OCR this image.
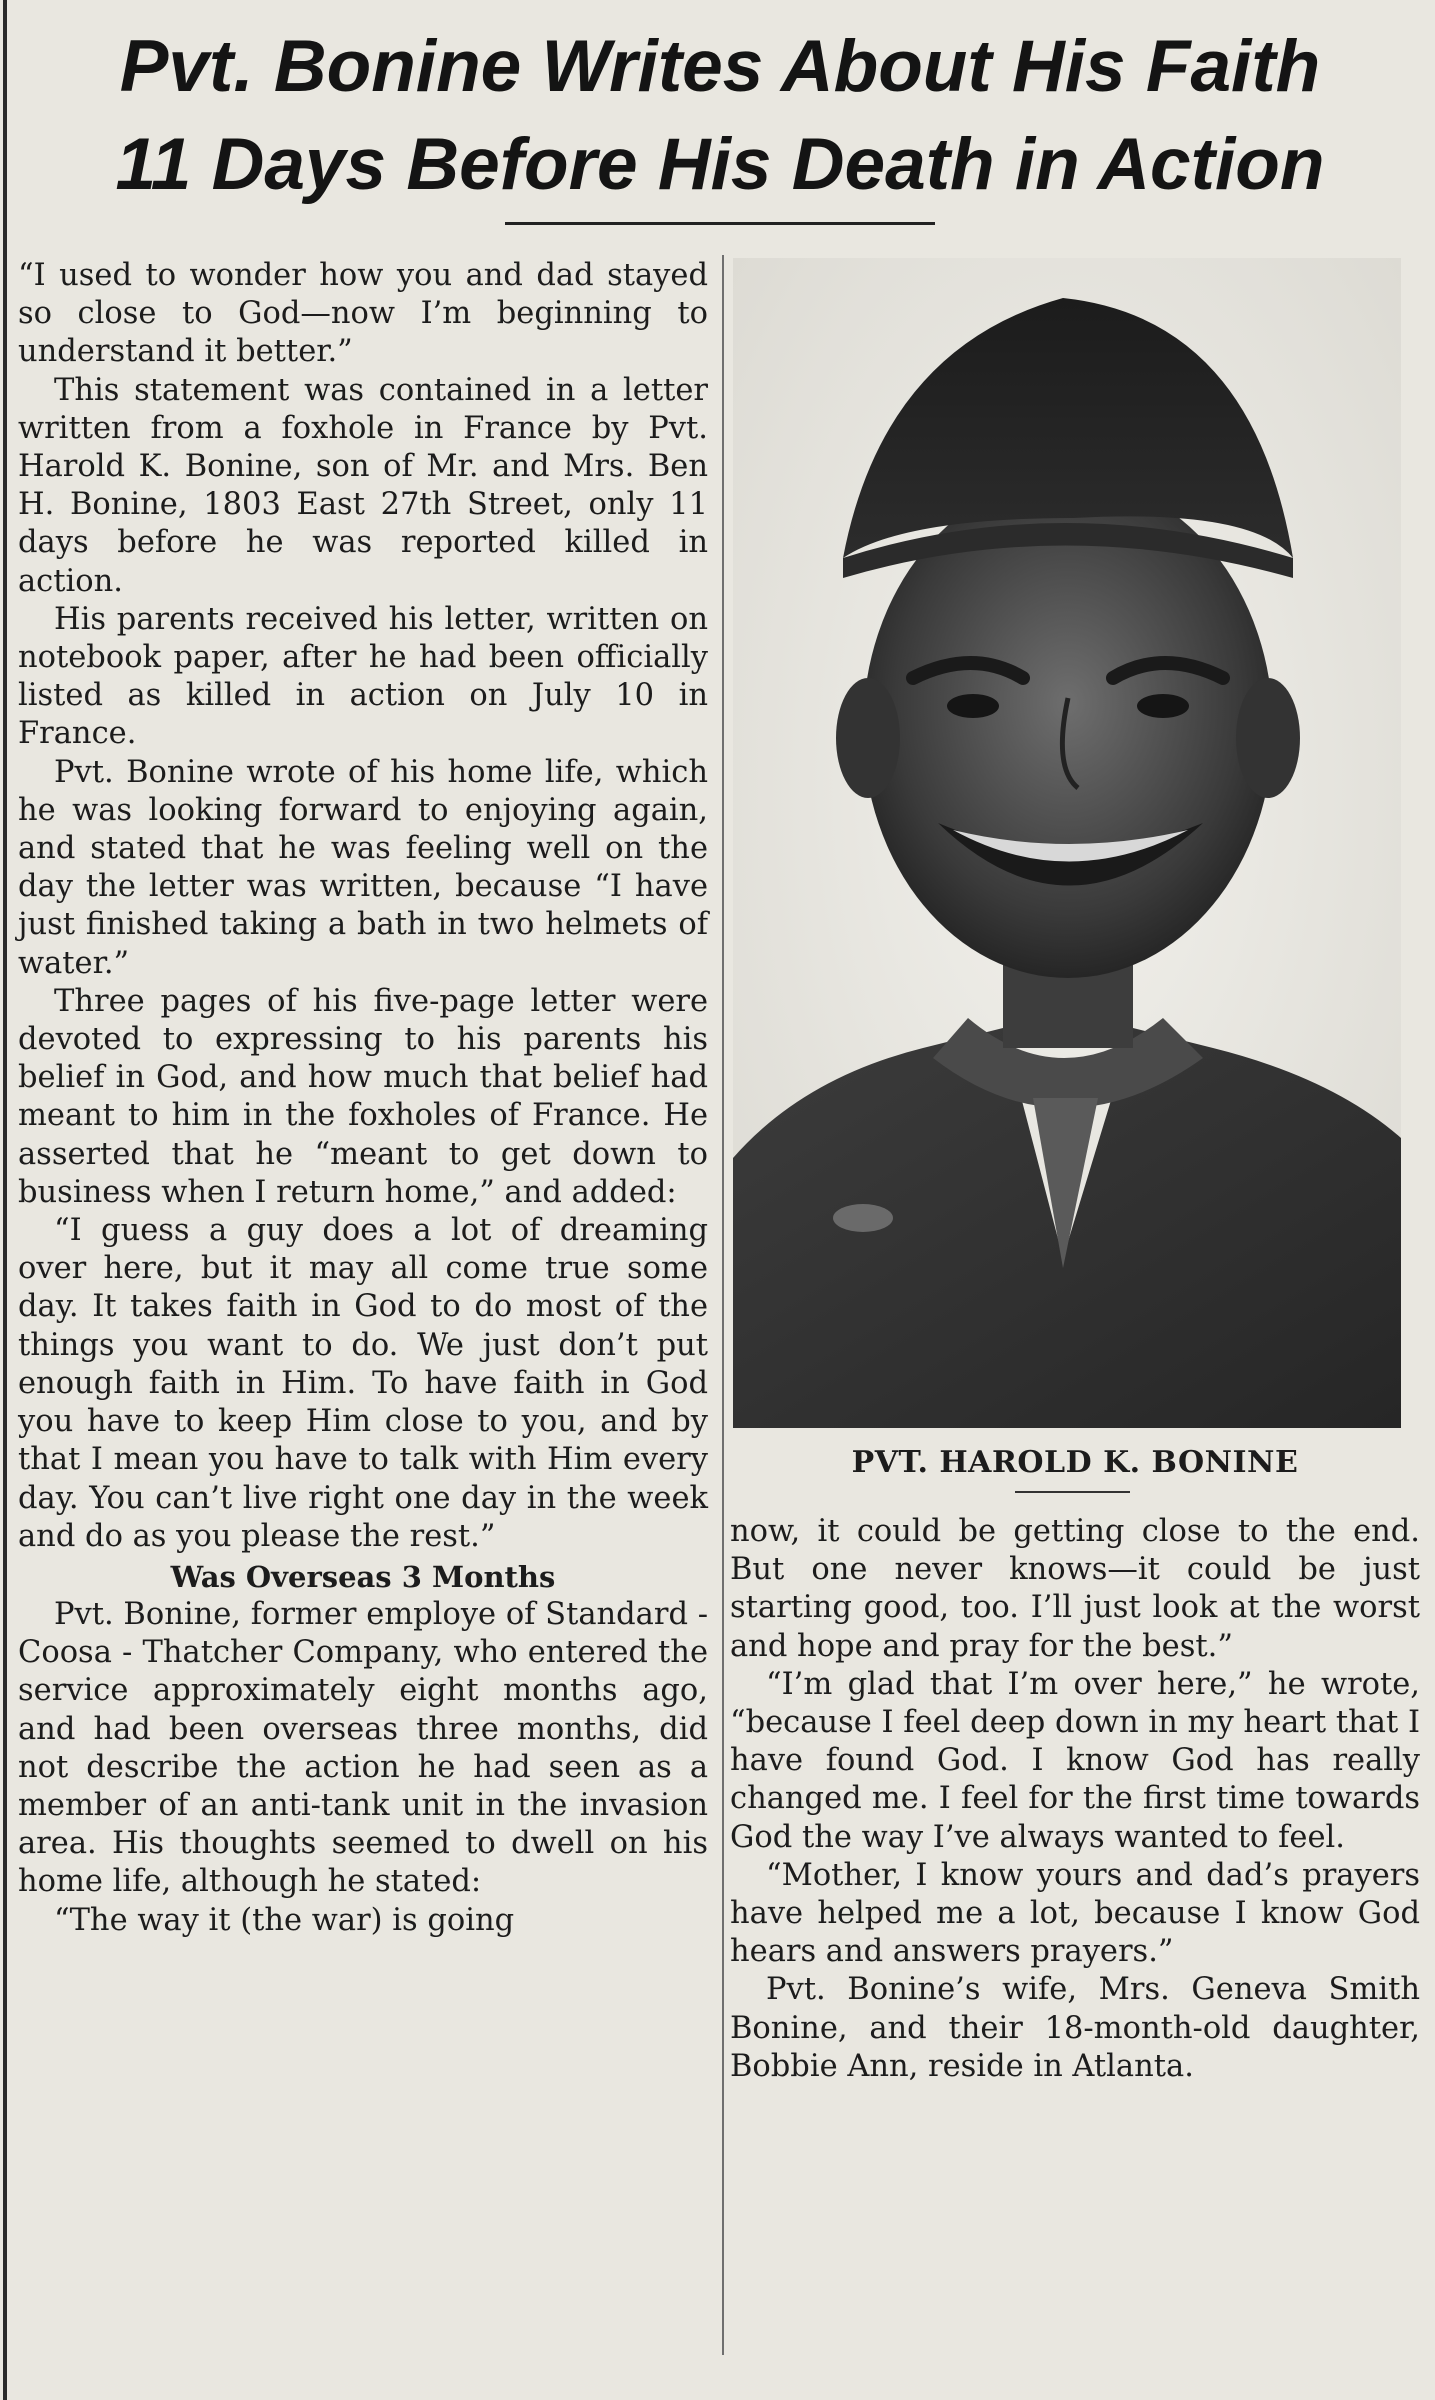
Pvt. Bonine Writes About His Faith
11 Days Before His Death in Action

“I used to wonder how you and dad stayed so close to God—now I’m beginning to understand it better.”

This statement was contained in a letter written from a foxhole in France by Pvt. Harold K. Bonine, son of Mr. and Mrs. Ben H. Bonine, 1803 East 27th Street, only 11 days before he was reported killed in action.

His parents received his letter, written on notebook paper, after he had been officially listed as killed in action on July 10 in France.

Pvt. Bonine wrote of his home life, which he was looking forward to enjoying again, and stated that he was feeling well on the day the letter was written, because “I have just finished taking a bath in two helmets of water.”

Three pages of his five-page letter were devoted to expressing to his parents his belief in God, and how much that belief had meant to him in the foxholes of France. He asserted that he “meant to get down to business when I return home,” and added:

“I guess a guy does a lot of dreaming over here, but it may all come true some day. It takes faith in God to do most of the things you want to do. We just don’t put enough faith in Him. To have faith in God you have to keep Him close to you, and by that I mean you have to talk with Him every day. You can’t live right one day in the week and do as you please the rest.”

Was Overseas 3 Months

Pvt. Bonine, former employe of Standard - Coosa - Thatcher Company, who entered the service approximately eight months ago, and had been overseas three months, did not describe the action he had seen as a member of an anti-tank unit in the invasion area. His thoughts seemed to dwell on his home life, although he stated:

“The way it (the war) is going

PVT. HAROLD K. BONINE

now, it could be getting close to the end. But one never knows—it could be just starting good, too. I’ll just look at the worst and hope and pray for the best.”

“I’m glad that I’m over here,” he wrote, “because I feel deep down in my heart that I have found God. I know God has really changed me. I feel for the first time towards God the way I’ve always wanted to feel.

“Mother, I know yours and dad’s prayers have helped me a lot, because I know God hears and answers prayers.”

Pvt. Bonine’s wife, Mrs. Geneva Smith Bonine, and their 18-month-old daughter, Bobbie Ann, reside in Atlanta.
